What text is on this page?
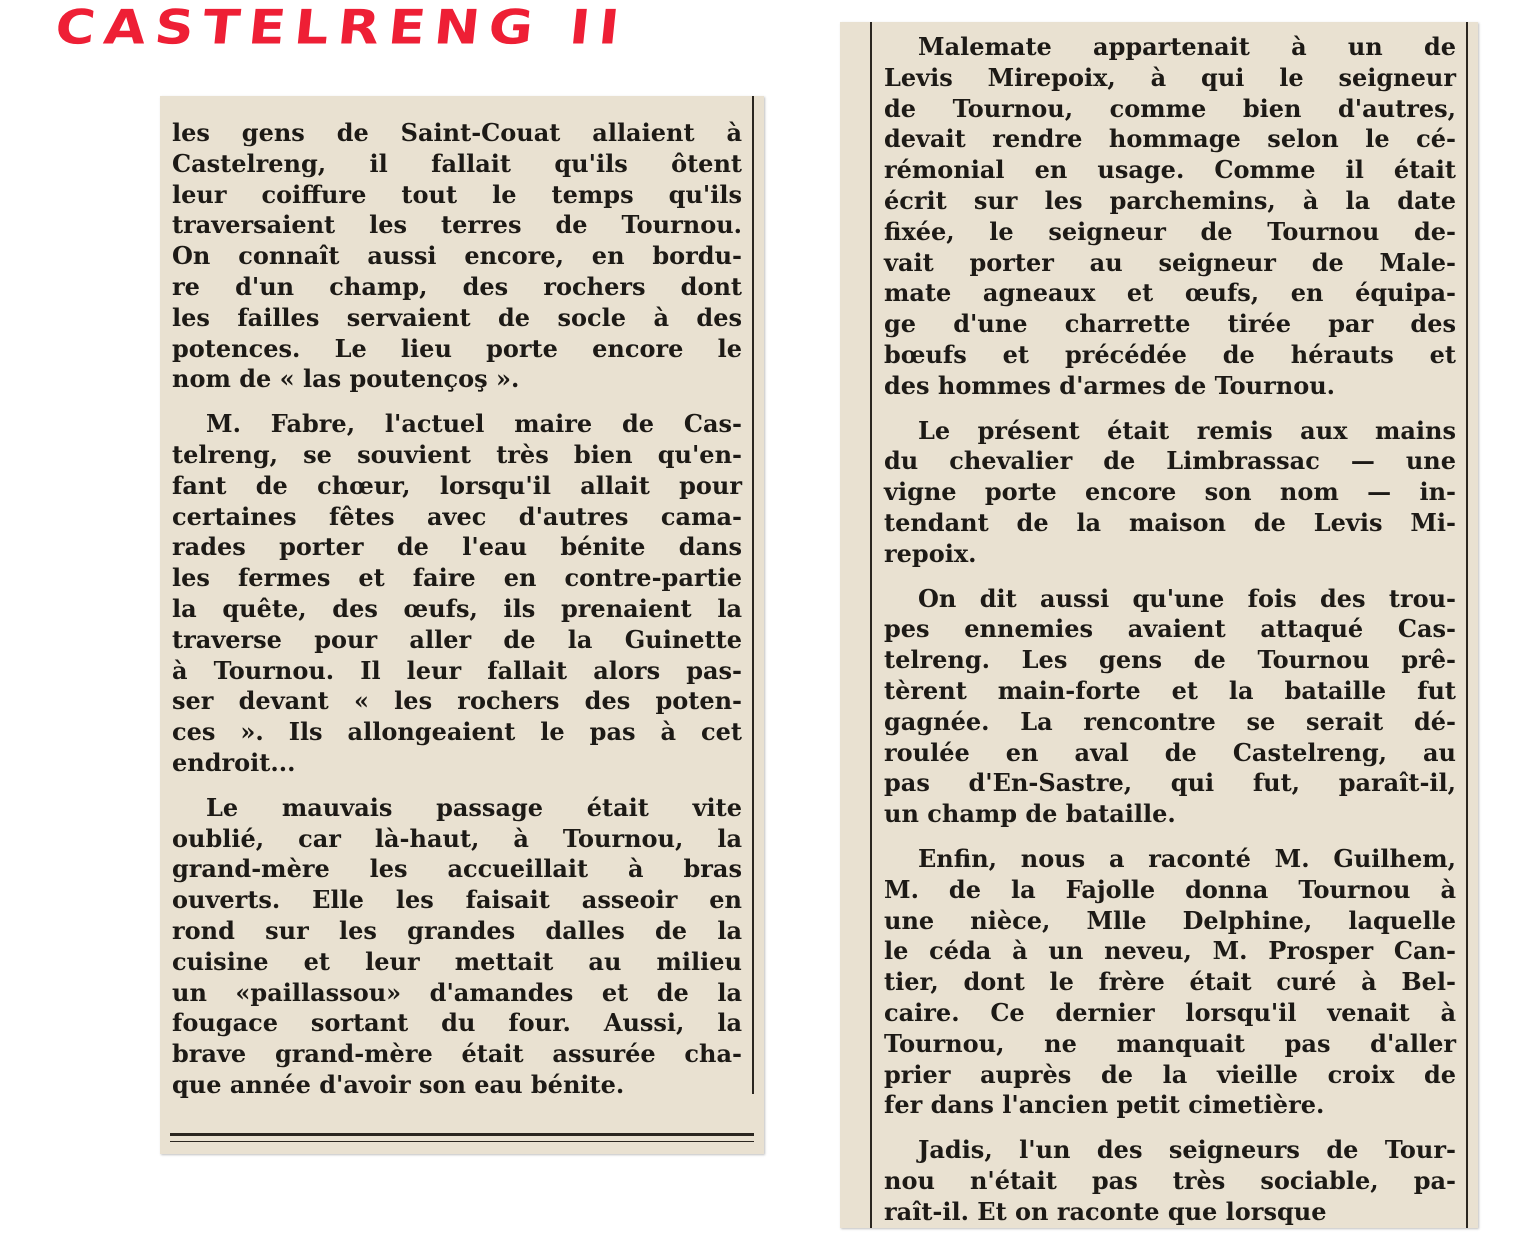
CASTELRENG II

les gens de Saint-Couat allaient à
Castelreng, il fallait qu'ils ôtent
leur coiffure tout le temps qu'ils
traversaient les terres de Tournou.
On connaît aussi encore, en bordu-
re d'un champ, des rochers dont
les failles servaient de socle à des
potences. Le lieu porte encore le
nom de « las poutençoş ».

M. Fabre, l'actuel maire de Cas-
telreng, se souvient très bien qu'en-
fant de chœur, lorsqu'il allait pour
certaines fêtes avec d'autres cama-
rades porter de l'eau bénite dans
les fermes et faire en contre-partie
la quête, des œufs, ils prenaient la
traverse pour aller de la Guinette
à Tournou. Il leur fallait alors pas-
ser devant « les rochers des poten-
ces ». Ils allongeaient le pas à cet
endroit...

Le mauvais passage était vite
oublié, car là-haut, à Tournou, la
grand-mère les accueillait à bras
ouverts. Elle les faisait asseoir en
rond sur les grandes dalles de la
cuisine et leur mettait au milieu
un «paillassou» d'amandes et de la
fougace sortant du four. Aussi, la
brave grand-mère était assurée cha-
que année d'avoir son eau bénite.

Malemate appartenait à un de
Levis Mirepoix, à qui le seigneur
de Tournou, comme bien d'autres,
devait rendre hommage selon le cé-
rémonial en usage. Comme il était
écrit sur les parchemins, à la date
fixée, le seigneur de Tournou de-
vait porter au seigneur de Male-
mate agneaux et œufs, en équipa-
ge d'une charrette tirée par des
bœufs et précédée de hérauts et
des hommes d'armes de Tournou.

Le présent était remis aux mains
du chevalier de Limbrassac — une
vigne porte encore son nom — in-
tendant de la maison de Levis Mi-
repoix.

On dit aussi qu'une fois des trou-
pes ennemies avaient attaqué Cas-
telreng. Les gens de Tournou prê-
tèrent main-forte et la bataille fut
gagnée. La rencontre se serait dé-
roulée en aval de Castelreng, au
pas d'En-Sastre, qui fut, paraît-il,
un champ de bataille.

Enfin, nous a raconté M. Guilhem,
M. de la Fajolle donna Tournou à
une nièce, Mlle Delphine, laquelle
le céda à un neveu, M. Prosper Can-
tier, dont le frère était curé à Bel-
caire. Ce dernier lorsqu'il venait à
Tournou, ne manquait pas d'aller
prier auprès de la vieille croix de
fer dans l'ancien petit cimetière.

Jadis, l'un des seigneurs de Tour-
nou n'était pas très sociable, pa-
raît-il. Et on raconte que lorsque
